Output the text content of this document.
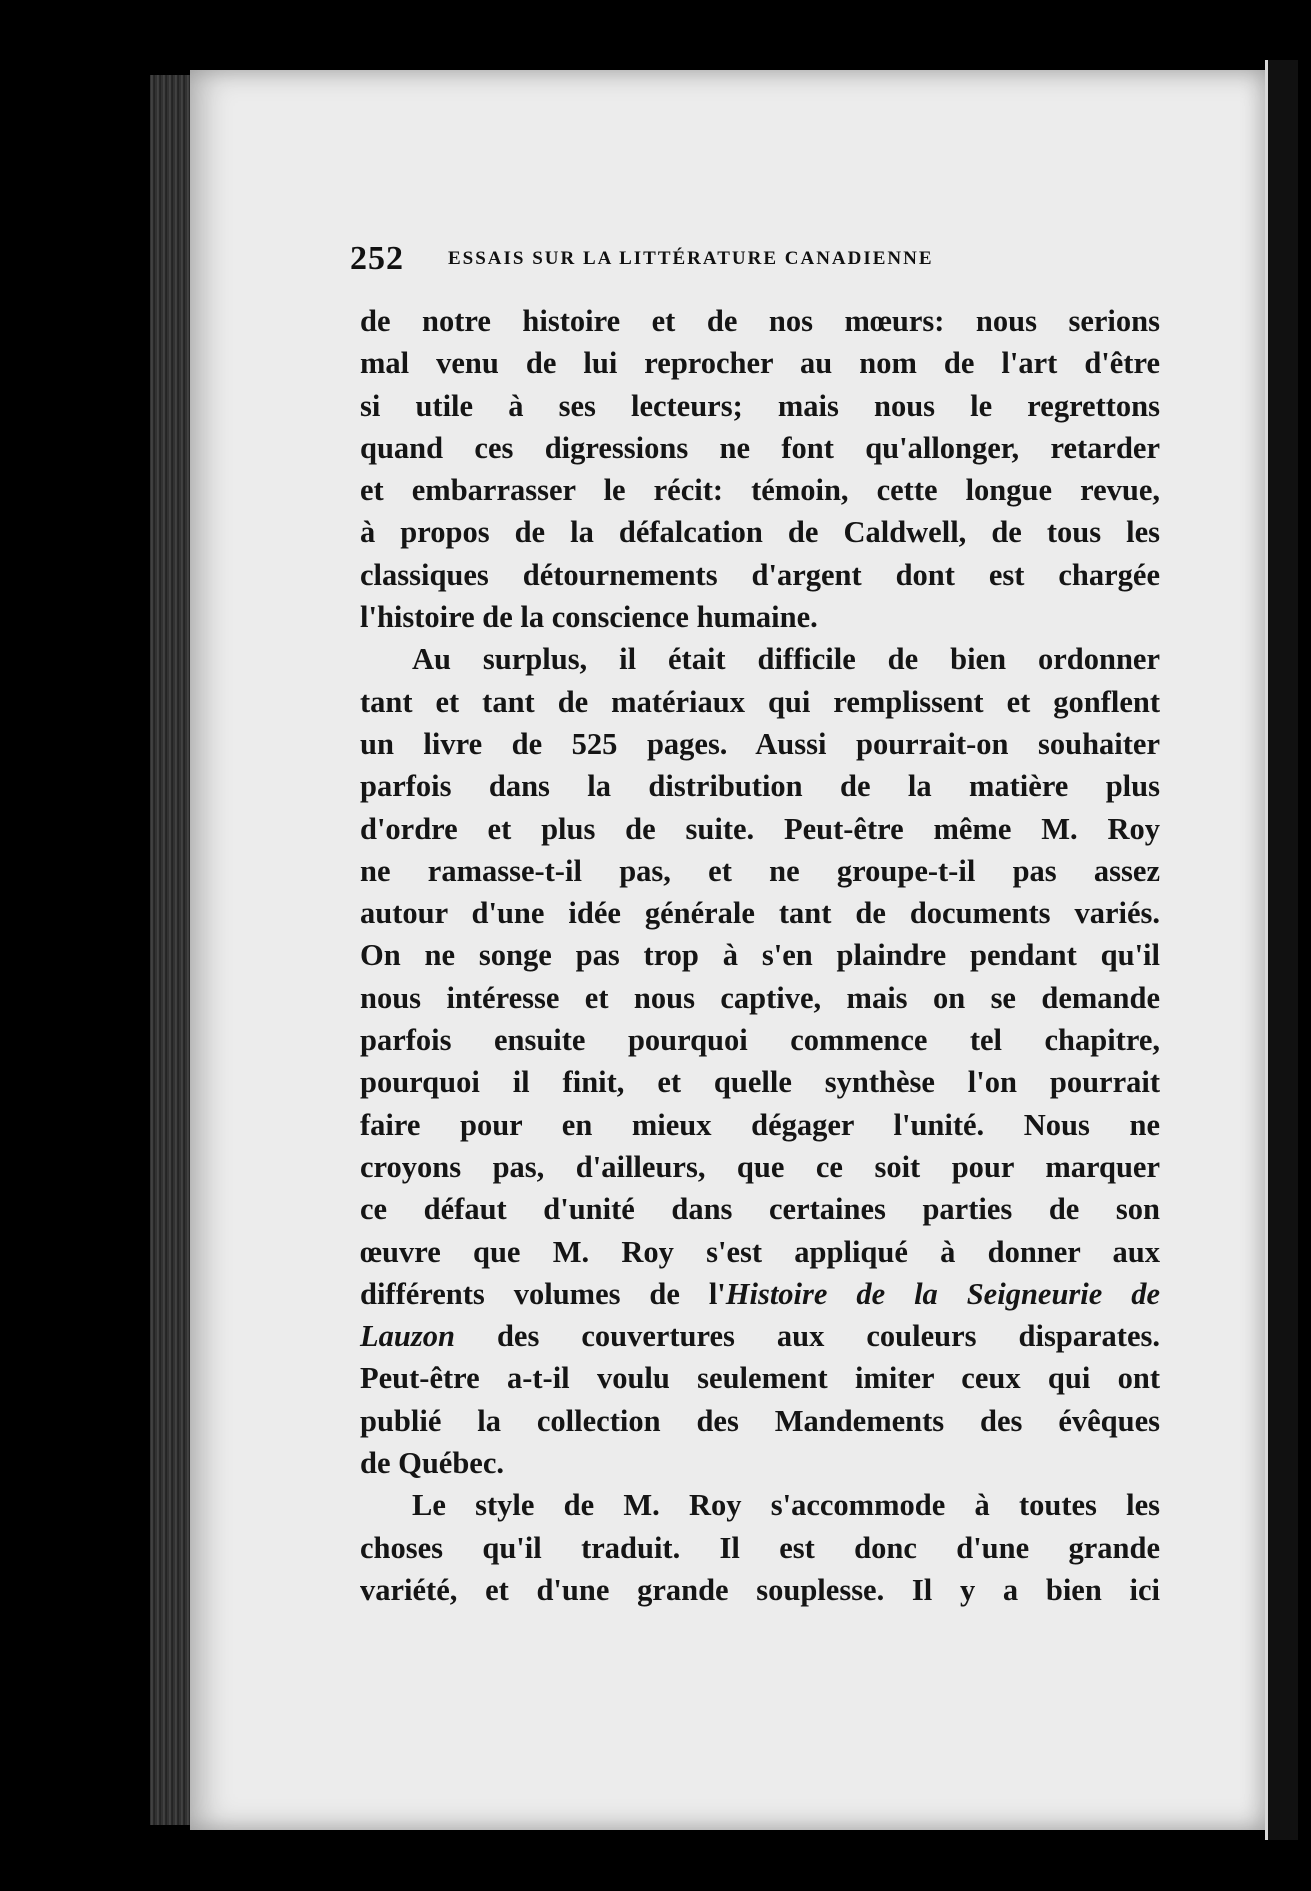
252 ESSAIS SUR LA LITTÉRATURE CANADIENNE
de notre histoire et de nos mœurs: nous serions
mal venu de lui reprocher au nom de l'art d'être
si utile à ses lecteurs; mais nous le regrettons
quand ces digressions ne font qu'allonger, retarder
et embarrasser le récit: témoin, cette longue revue,
à propos de la défalcation de Caldwell, de tous les
classiques détournements d'argent dont est chargée
l'histoire de la conscience humaine.
Au surplus, il était difficile de bien ordonner
tant et tant de matériaux qui remplissent et gonflent
un livre de 525 pages. Aussi pourrait-on souhaiter
parfois dans la distribution de la matière plus
d'ordre et plus de suite. Peut-être même M. Roy
ne ramasse-t-il pas, et ne groupe-t-il pas assez
autour d'une idée générale tant de documents variés.
On ne songe pas trop à s'en plaindre pendant qu'il
nous intéresse et nous captive, mais on se demande
parfois ensuite pourquoi commence tel chapitre,
pourquoi il finit, et quelle synthèse l'on pourrait
faire pour en mieux dégager l'unité. Nous ne
croyons pas, d'ailleurs, que ce soit pour marquer
ce défaut d'unité dans certaines parties de son
œuvre que M. Roy s'est appliqué à donner aux
différents volumes de l'Histoire de la Seigneurie de
Lauzon des couvertures aux couleurs disparates.
Peut-être a-t-il voulu seulement imiter ceux qui ont
publié la collection des Mandements des évêques
de Québec.
Le style de M. Roy s'accommode à toutes les
choses qu'il traduit. Il est donc d'une grande
variété, et d'une grande souplesse. Il y a bien ici
